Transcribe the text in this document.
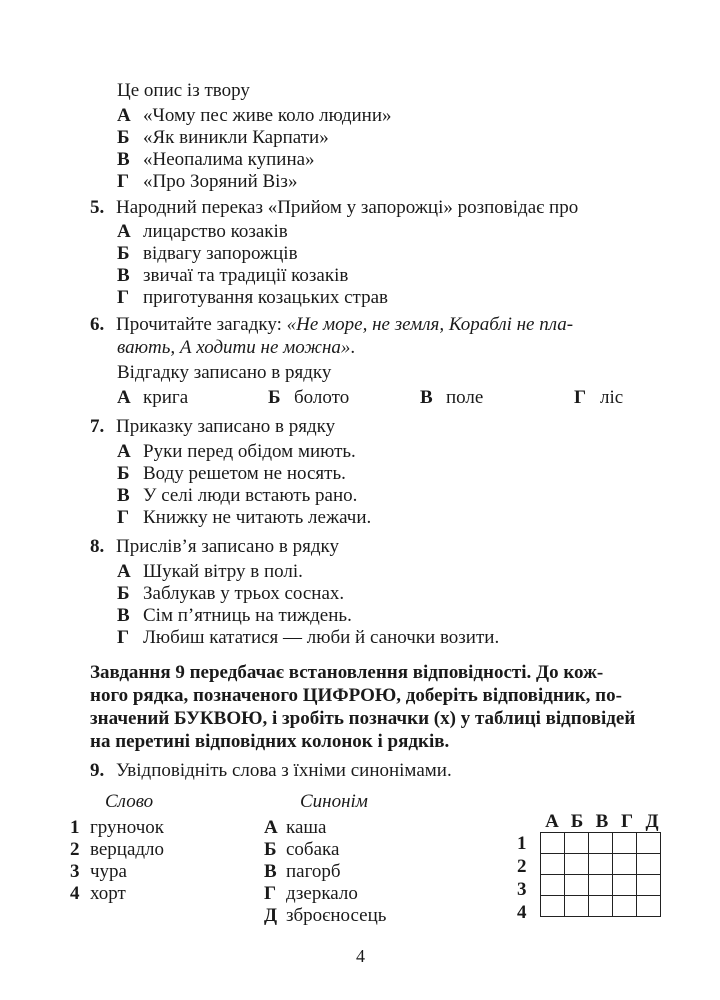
Це опис із твору
А «Чому пес живе коло людини»
Б «Як виникли Карпати»
В «Неопалима купина»
Г «Про Зоряний Віз»
5. Народний переказ «Прийом у запорожці» розповідає про
А лицарство козаків
Б відвагу запорожців
В звичаї та традиції козаків
Г приготування козацьких страв
6. Прочитайте загадку: «Не море, не земля, Кораблі не пла-
вають, А ходити не можна».
Відгадку записано в рядку
А крига	Б болото	В поле	Г ліс
7. Приказку записано в рядку
А Руки перед обідом миють.
Б Воду решетом не носять.
В У селі люди встають рано.
Г Книжку не читають лежачи.
8. Прислів’я записано в рядку
А Шукай вітру в полі.
Б Заблукав у трьох соснах.
В Сім п’ятниць на тиждень.
Г Любиш кататися — люби й саночки возити.
Завдання 9 передбачає встановлення відповідності. До кож-
ного рядка, позначеного ЦИФРОЮ, доберіть відповідник, по-
значений БУКВОЮ, і зробіть позначки (x) у таблиці відповідей
на перетині відповідних колонок і рядків.
9. Увідповідніть слова з їхніми синонімами.
Слово	Синонім
1 груночок
2 верцадло
3 чура
4 хорт
А каша
Б собака
В пагорб
Г дзеркало
Д зброєносець
А Б В Г Д
1
2
3
4

4
